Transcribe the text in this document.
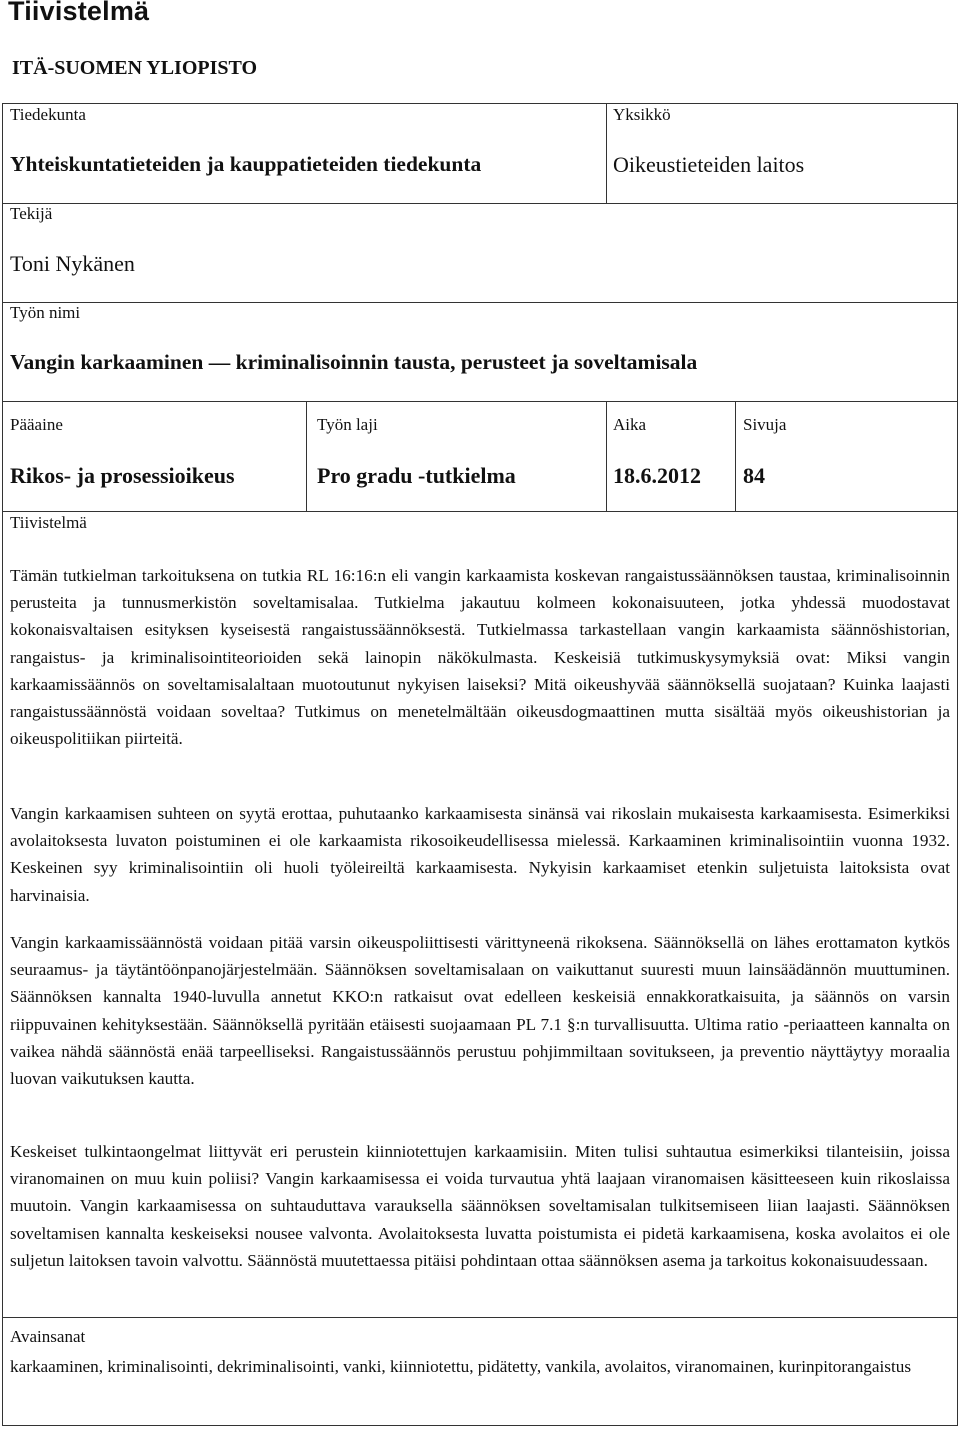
Tiivistelmä
ITÄ-SUOMEN YLIOPISTO
Tiedekunta
Yhteiskuntatieteiden ja kauppatieteiden tiedekunta
Yksikkö
Oikeustieteiden laitos
Tekijä
Toni Nykänen
Työn nimi
Vangin karkaaminen — kriminalisoinnin tausta, perusteet ja soveltamisala
Pääaine
Rikos- ja prosessioikeus
Työn laji
Pro gradu -tutkielma
Aika
18.6.2012
Sivuja
84
Tiivistelmä

Tämän tutkielman tarkoituksena on tutkia RL 16:16:n eli vangin karkaamista koskevan rangaistussäännöksen taustaa, kriminalisoinnin perusteita ja tunnusmerkistön soveltamisalaa. Tutkielma jakautuu kolmeen kokonaisuuteen, jotka yhdessä muodostavat kokonaisvaltaisen esityksen kyseisestä rangaistussäännöksestä. Tutkielmassa tarkastellaan vangin karkaamista säännöshistorian, rangaistus- ja kriminalisointiteorioiden sekä lainopin näkökulmasta. Keskeisiä tutkimuskysymyksiä ovat: Miksi vangin karkaamissäännös on soveltamisalaltaan muotoutunut nykyisen laiseksi? Mitä oikeushyvää säännöksellä suojataan? Kuinka laajasti rangaistussäännöstä voidaan soveltaa? Tutkimus on menetelmältään oikeusdogmaattinen mutta sisältää myös oikeushistorian ja oikeuspolitiikan piirteitä.

Vangin karkaamisen suhteen on syytä erottaa, puhutaanko karkaamisesta sinänsä vai rikoslain mukaisesta karkaamisesta. Esimerkiksi avolaitoksesta luvaton poistuminen ei ole karkaamista rikosoikeudellisessa mielessä. Karkaaminen kriminalisointiin vuonna 1932. Keskeinen syy kriminalisointiin oli huoli työleireiltä karkaamisesta. Nykyisin karkaamiset etenkin suljetuista laitoksista ovat harvinaisia.

Vangin karkaamissäännöstä voidaan pitää varsin oikeuspoliittisesti värittyneenä rikoksena. Säännöksellä on lähes erottamaton kytkös seuraamus- ja täytäntöönpanojärjestelmään. Säännöksen soveltamisalaan on vaikuttanut suuresti muun lainsäädännön muuttuminen. Säännöksen kannalta 1940-luvulla annetut KKO:n ratkaisut ovat edelleen keskeisiä ennakkoratkaisuita, ja säännös on varsin riippuvainen kehityksestään. Säännöksellä pyritään etäisesti suojaamaan PL 7.1 §:n turvallisuutta. Ultima ratio -periaatteen kannalta on vaikea nähdä säännöstä enää tarpeelliseksi. Rangaistussäännös perustuu pohjimmiltaan sovitukseen, ja preventio näyttäytyy moraalia luovan vaikutuksen kautta.

Keskeiset tulkintaongelmat liittyvät eri perustein kiinniotettujen karkaamisiin. Miten tulisi suhtautua esimerkiksi tilanteisiin, joissa viranomainen on muu kuin poliisi? Vangin karkaamisessa ei voida turvautua yhtä laajaan viranomaisen käsitteeseen kuin rikoslaissa muutoin. Vangin karkaamisessa on suhtauduttava varauksella säännöksen soveltamisalan tulkitsemiseen liian laajasti. Säännöksen soveltamisen kannalta keskeiseksi nousee valvonta. Avolaitoksesta luvatta poistumista ei pidetä karkaamisena, koska avolaitos ei ole suljetun laitoksen tavoin valvottu. Säännöstä muutettaessa pitäisi pohdintaan ottaa säännöksen asema ja tarkoitus kokonaisuudessaan.

Avainsanat

karkaaminen, kriminalisointi, dekriminalisointi, vanki, kiinniotettu, pidätetty, vankila, avolaitos, viranomainen, kurinpitorangaistus
